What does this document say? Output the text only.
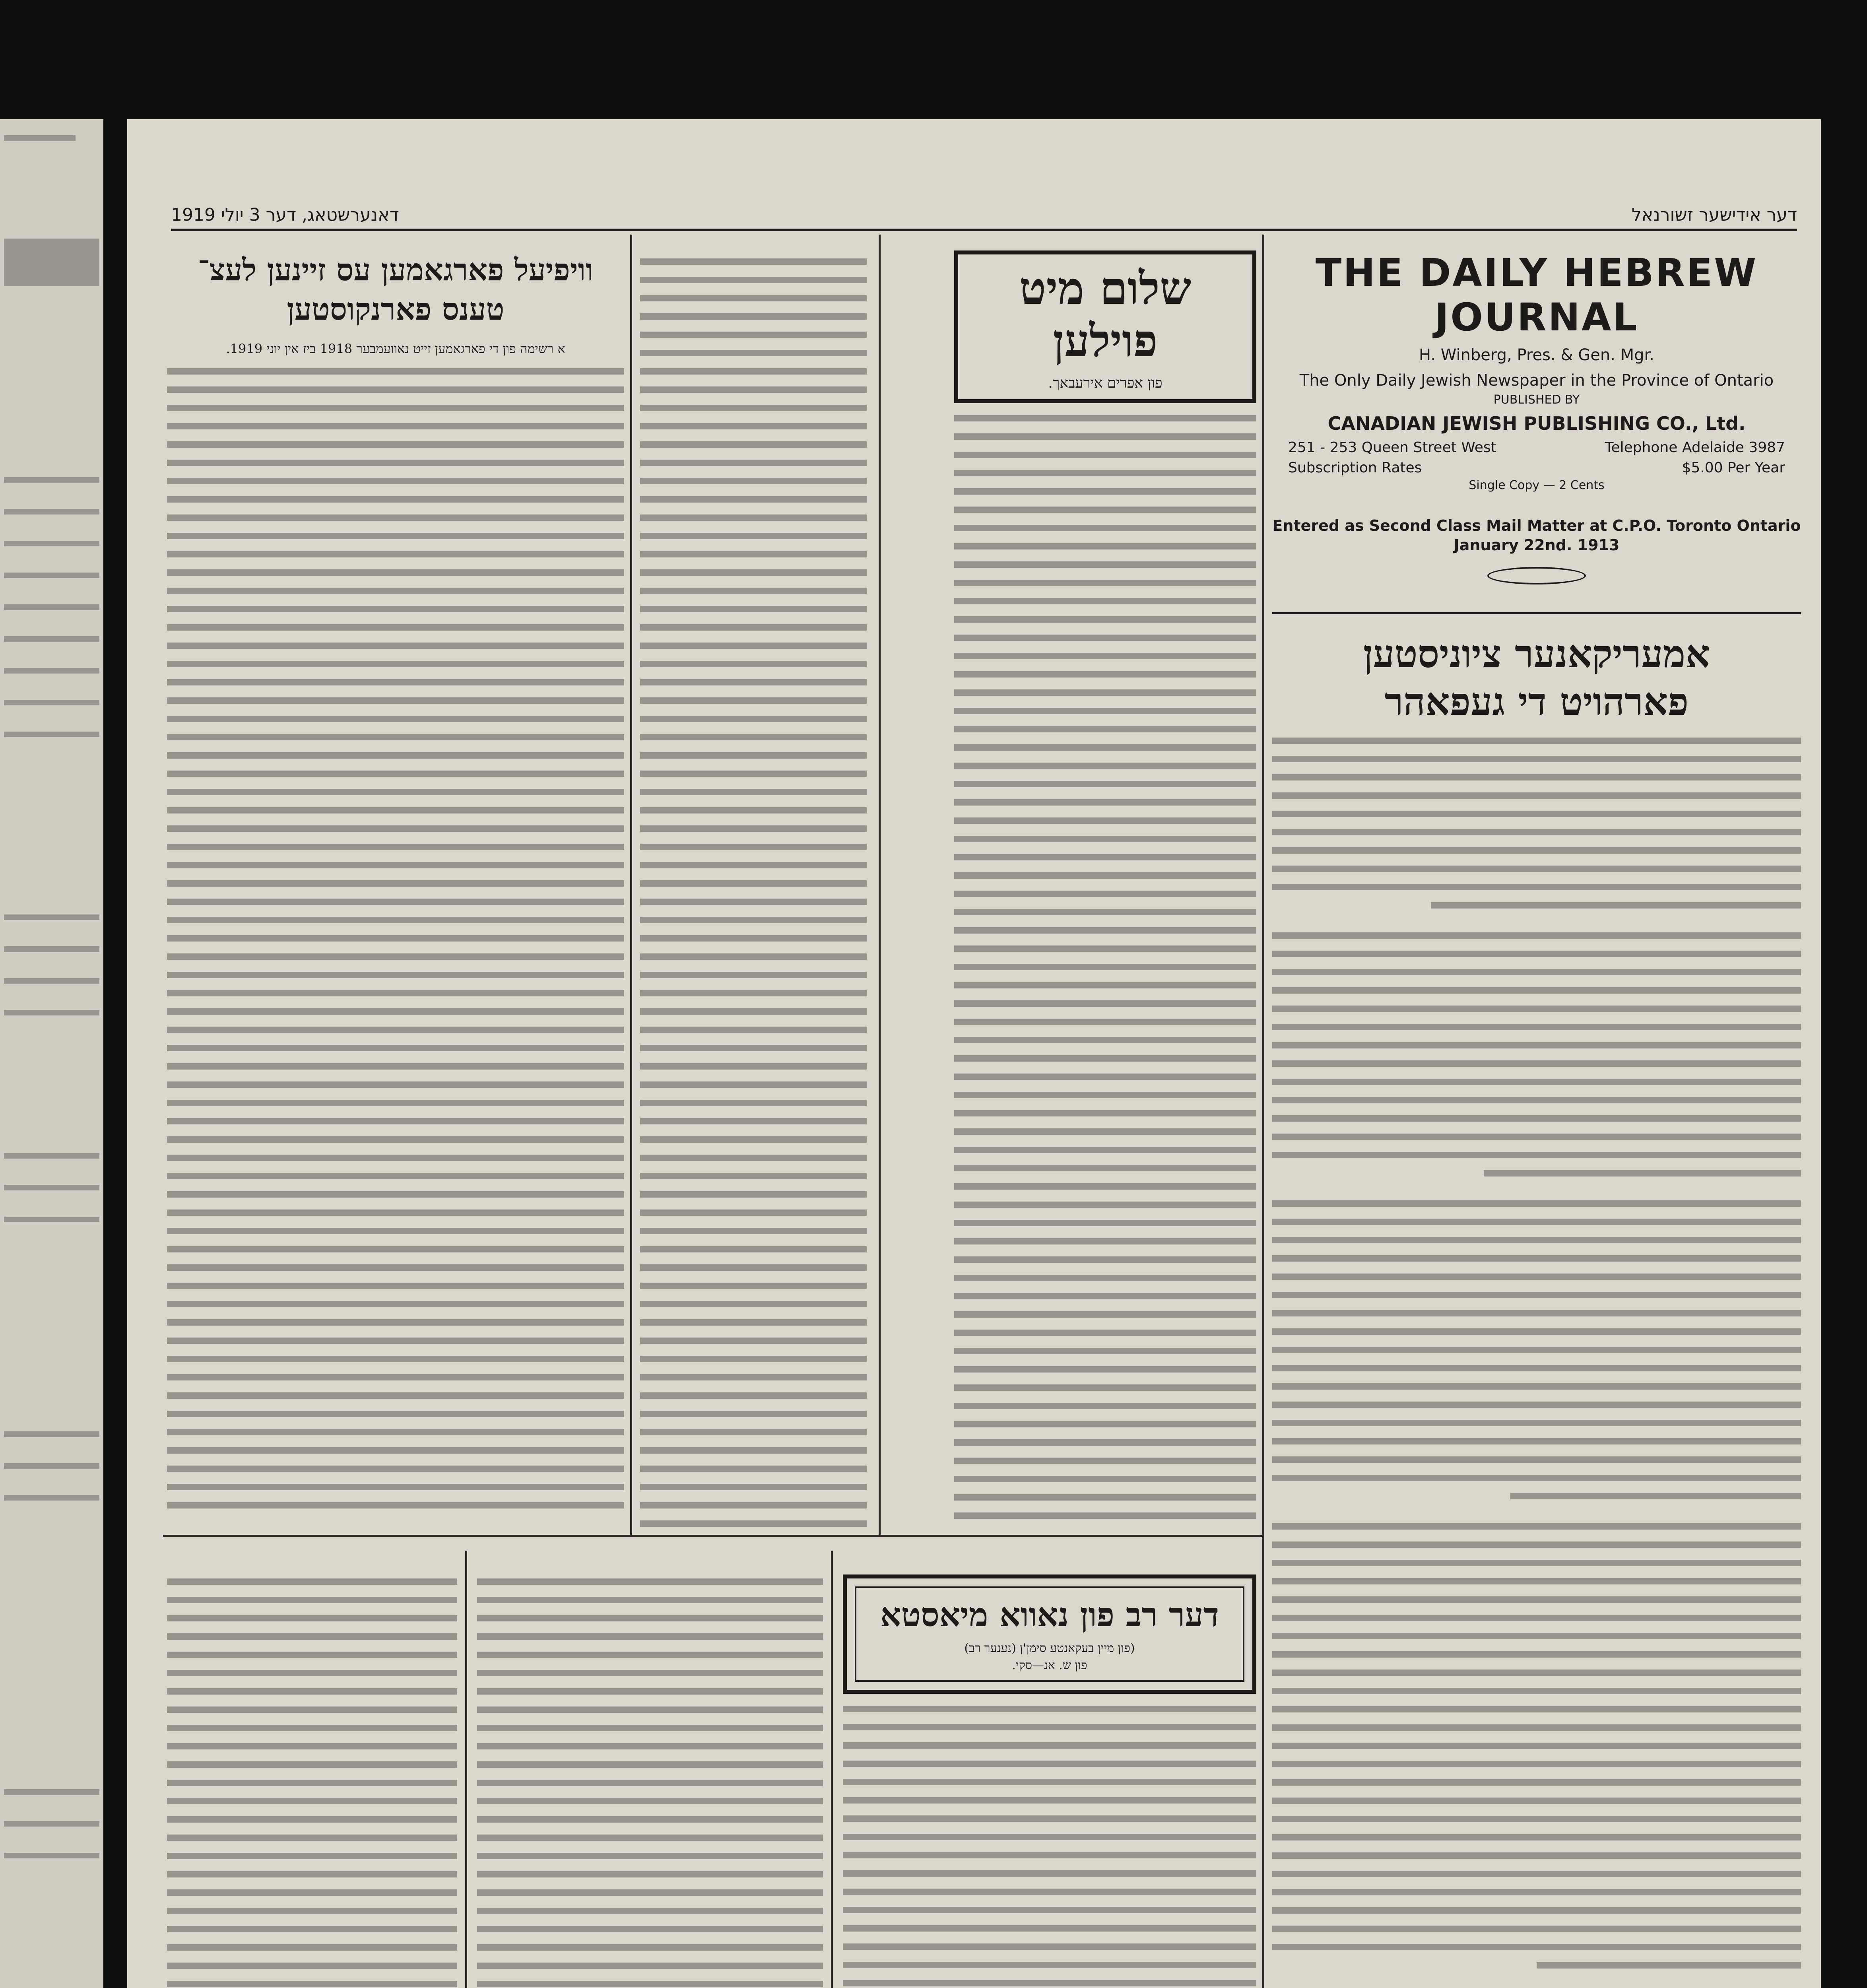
1919 דאנערשטאג, דער 3 יולי	דער אידישער זשורנאל
THE DAILY HEBREW JOURNAL
H. Winberg, Pres. & Gen. Mgr.
The Only Daily Jewish Newspaper in the Province of Ontario
PUBLISHED BY
CANADIAN JEWISH PUBLISHING CO., Ltd.
251 - 253 Queen Street West	Telephone Adelaide 3987
Subscription Rates	$5.00 Per Year
Single Copy — 2 Cents
Entered as Second Class Mail Matter at C.P.O. Toronto Ontario
January 22nd. 1913
אמעריקאנער ציוניסטען
פארהויט די געפאהר
שלום מיט פוילען
פון אפרים אירעבאך.
וויפיעל פארגאמען עס זיינען לעצ־
טענס פארנקוסטען
א רשימה פון די פארגאמען זייט נאוועמבער 1918 ביז אין יוני 1919.
דער רב פון נאווא מיאסטא
(פון מיין בעקאנטע סימן'ן (נענער רב)
פון ש. אנ—סקי.
